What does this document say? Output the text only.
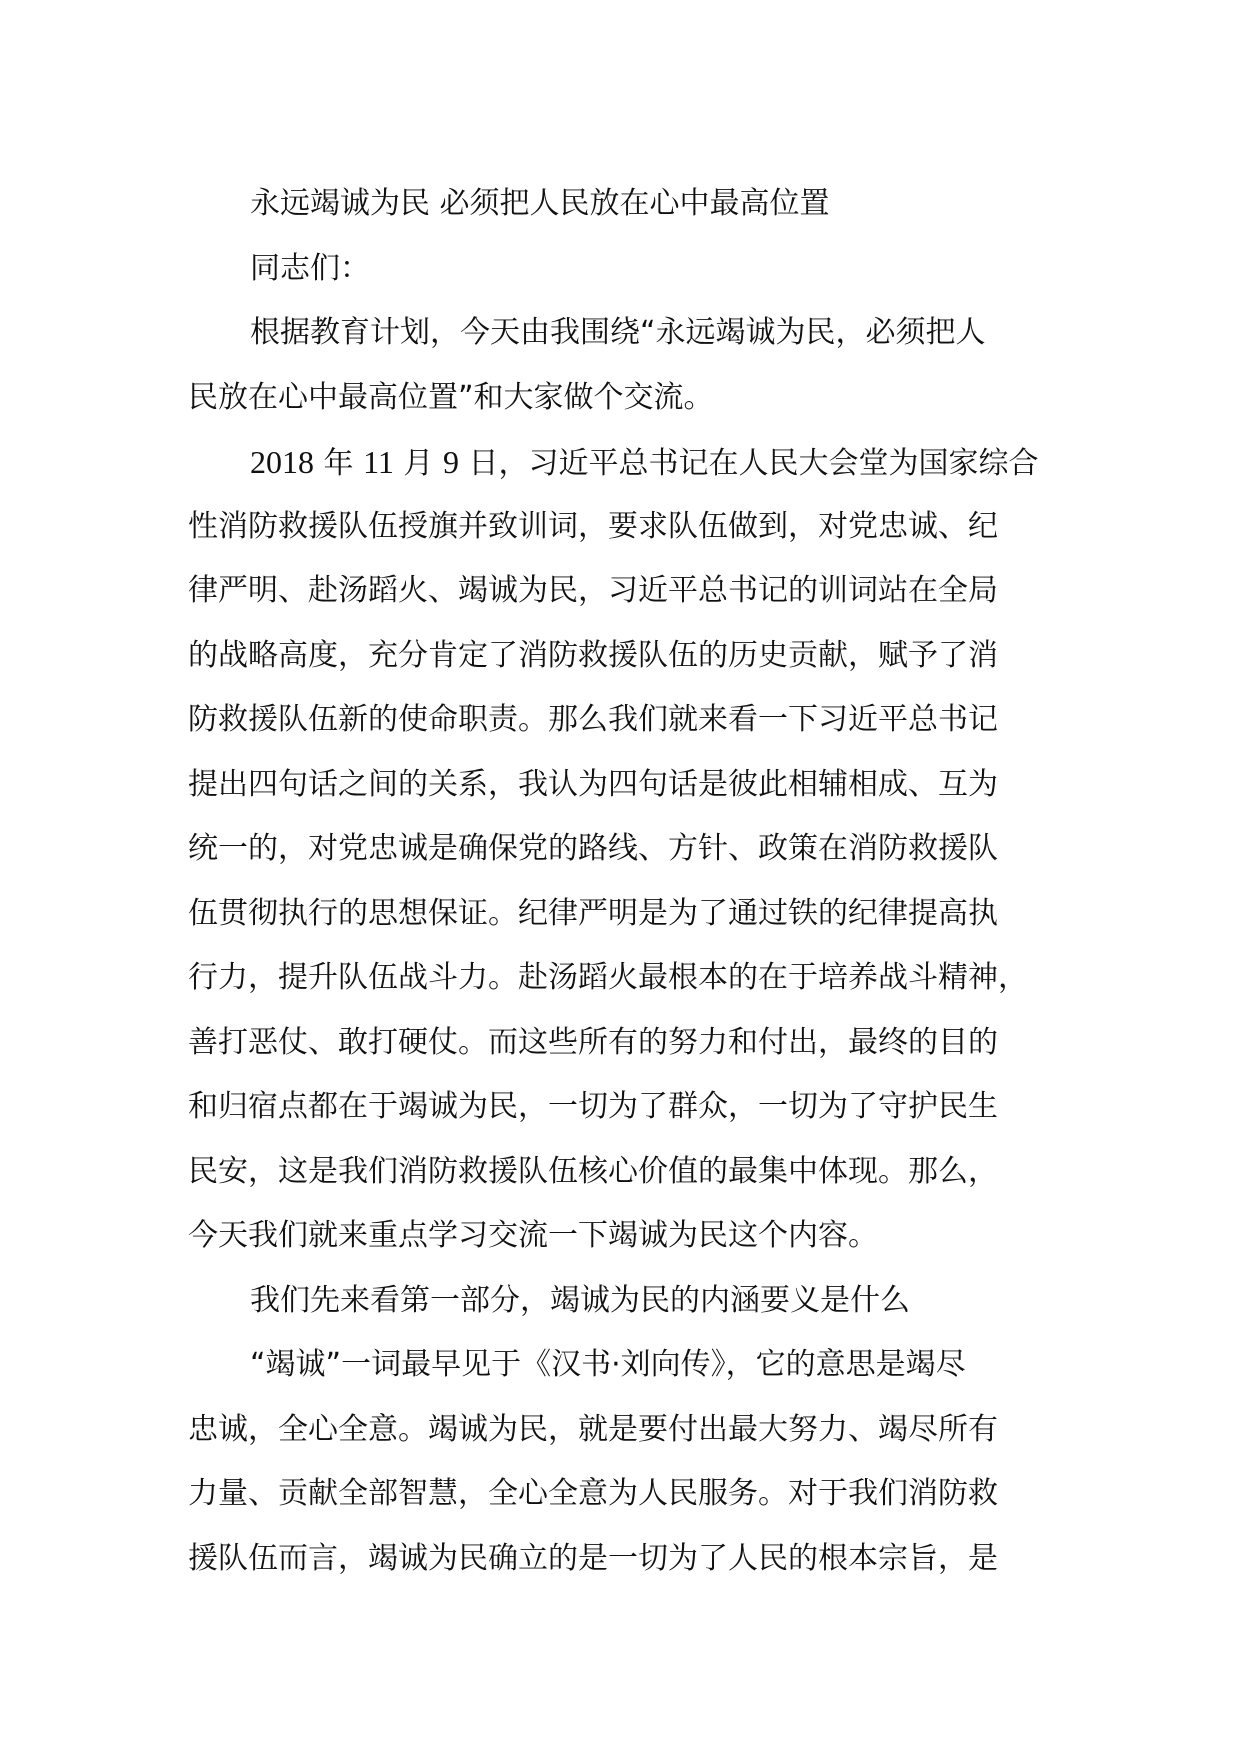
永远竭诚为民 必须把人民放在心中最高位置
同志们：
根据教育计划，今天由我围绕“永远竭诚为民，必须把人
民放在心中最高位置”和大家做个交流。
2018 年 11 月 9 日，习近平总书记在人民大会堂为国家综合
性消防救援队伍授旗并致训词，要求队伍做到，对党忠诚、纪
律严明、赴汤蹈火、竭诚为民，习近平总书记的训词站在全局
的战略高度，充分肯定了消防救援队伍的历史贡献，赋予了消
防救援队伍新的使命职责。那么我们就来看一下习近平总书记
提出四句话之间的关系，我认为四句话是彼此相辅相成、互为
统一的，对党忠诚是确保党的路线、方针、政策在消防救援队
伍贯彻执行的思想保证。纪律严明是为了通过铁的纪律提高执
行力，提升队伍战斗力。赴汤蹈火最根本的在于培养战斗精神，
善打恶仗、敢打硬仗。而这些所有的努力和付出，最终的目的
和归宿点都在于竭诚为民，一切为了群众，一切为了守护民生
民安，这是我们消防救援队伍核心价值的最集中体现。那么，
今天我们就来重点学习交流一下竭诚为民这个内容。
我们先来看第一部分，竭诚为民的内涵要义是什么
“竭诚”一词最早见于《汉书·刘向传》，它的意思是竭尽
忠诚，全心全意。竭诚为民，就是要付出最大努力、竭尽所有
力量、贡献全部智慧，全心全意为人民服务。对于我们消防救
援队伍而言，竭诚为民确立的是一切为了人民的根本宗旨，是
